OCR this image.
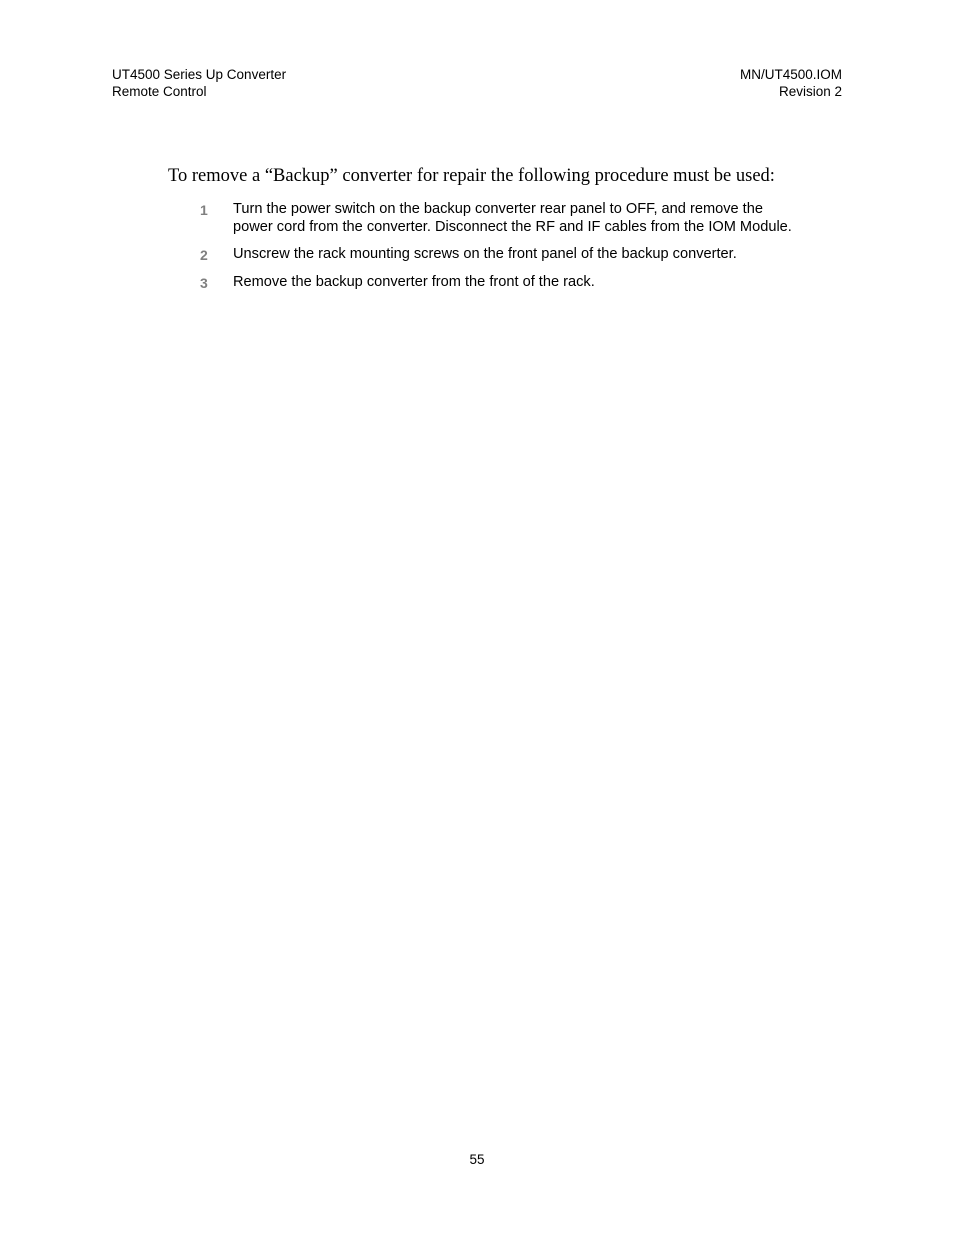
UT4500 Series Up Converter
Remote Control
MN/UT4500.IOM
Revision 2
To remove a “Backup” converter for repair the following procedure must be used:
1	Turn the power switch on the backup converter rear panel to OFF, and remove the
power cord from the converter. Disconnect the RF and IF cables from the IOM Module.
2	Unscrew the rack mounting screws on the front panel of the backup converter.
3	Remove the backup converter from the front of the rack.
55
